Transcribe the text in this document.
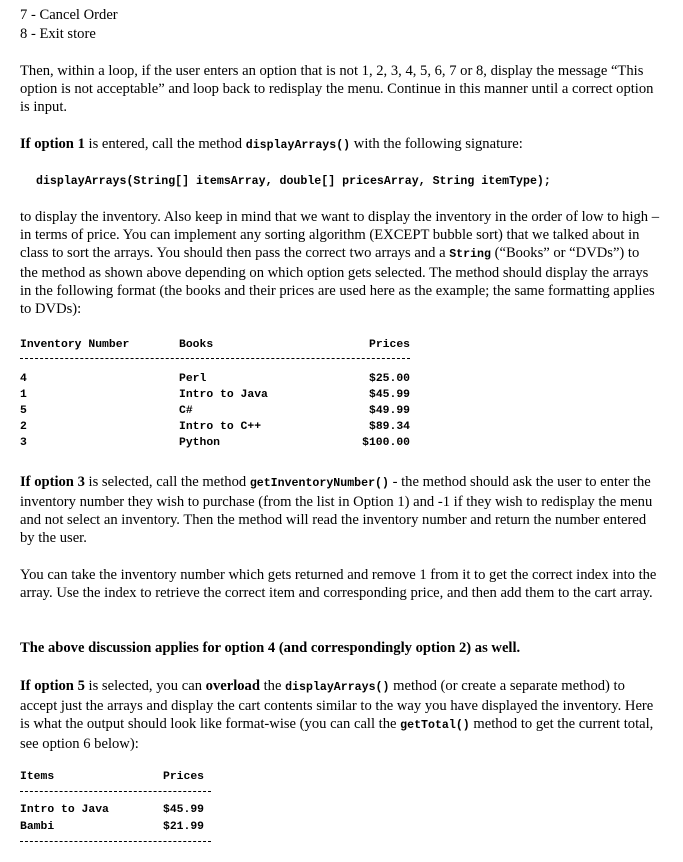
7 - Cancel Order
8 - Exit store
Then, within a loop, if the user enters an option that is not 1, 2, 3, 4, 5, 6, 7 or 8, display the message “This option is not acceptable” and loop back to redisplay the menu. Continue in this manner until a correct option is input.
If option 1 is entered, call the method displayArrays() with the following signature:
displayArrays(String[] itemsArray, double[] pricesArray, String itemType);
to display the inventory. Also keep in mind that we want to display the inventory in the order of low to high – in terms of price. You can implement any sorting algorithm (EXCEPT bubble sort) that we talked about in class to sort the arrays. You should then pass the correct two arrays and a String (“Books” or “DVDs”) to the method as shown above depending on which option gets selected. The method should display the arrays in the following format (the books and their prices are used here as the example; the same formatting applies to DVDs):
Inventory Number	Books	Prices
4	Perl	$25.00
1	Intro to Java	$45.99
5	C#	$49.99
2	Intro to C++	$89.34
3	Python	$100.00
If option 3 is selected, call the method getInventoryNumber() - the method should ask the user to enter the inventory number they wish to purchase (from the list in Option 1) and -1 if they wish to redisplay the menu and not select an inventory. Then the method will read the inventory number and return the number entered by the user.
You can take the inventory number which gets returned and remove 1 from it to get the correct index into the array. Use the index to retrieve the correct item and corresponding price, and then add them to the cart array.
The above discussion applies for option 4 (and correspondingly option 2) as well.
If option 5 is selected, you can overload the displayArrays() method (or create a separate method) to accept just the arrays and display the cart contents similar to the way you have displayed the inventory. Here is what the output should look like format-wise (you can call the getTotal() method to get the current total, see option 6 below):
Items	Prices
Intro to Java	$45.99
Bambi	$21.99
